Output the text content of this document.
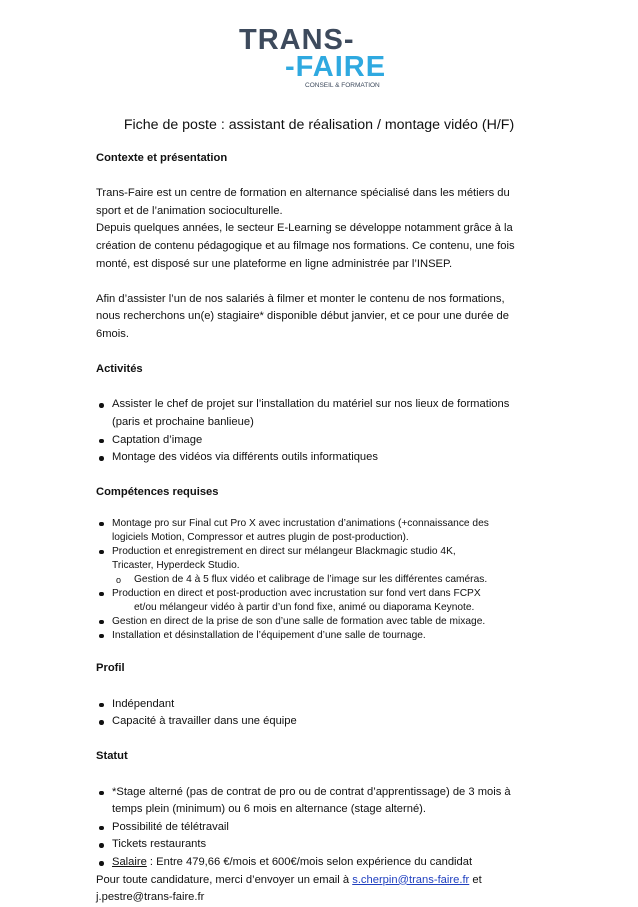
TRANS-
-FAIRE
CONSEIL & FORMATION
Fiche de poste : assistant de réalisation / montage vidéo (H/F)

Contexte et présentation

Trans-Faire est un centre de formation en alternance spécialisé dans les métiers du

sport et de l’animation socioculturelle.

Depuis quelques années, le secteur E-Learning se développe notamment grâce à la

création de contenu pédagogique et au filmage nos formations. Ce contenu, une fois

monté, est disposé sur une plateforme en ligne administrée par l’INSEP.

Afin d’assister l’un de nos salariés à filmer et monter le contenu de nos formations,

nous recherchons un(e) stagiaire* disponible début janvier, et ce pour une durée de

6mois.

Activités

Assister le chef de projet sur l’installation du matériel sur nos lieux de formations
(paris et prochaine banlieue)
Captation d’image
Montage des vidéos via différents outils informatiques

Compétences requises

Montage pro sur Final cut Pro X avec incrustation d’animations (+connaissance des
logiciels Motion, Compressor et autres plugin de post-production).
Production et enregistrement en direct sur mélangeur Blackmagic studio 4K,
Tricaster, Hyperdeck Studio.
o Gestion de 4 à 5 flux vidéo et calibrage de l’image sur les différentes caméras.
Production en direct et post-production avec incrustation sur fond vert dans FCPX
et/ou mélangeur vidéo à partir d’un fond fixe, animé ou diaporama Keynote.
Gestion en direct de la prise de son d’une salle de formation avec table de mixage.
Installation et désinstallation de l’équipement d’une salle de tournage.

Profil

Indépendant
Capacité à travailler dans une équipe

Statut

*Stage alterné (pas de contrat de pro ou de contrat d’apprentissage) de 3 mois à
temps plein (minimum) ou 6 mois en alternance (stage alterné).
Possibilité de télétravail
Tickets restaurants
Salaire : Entre 479,66 €/mois et 600€/mois selon expérience du candidat

Pour toute candidature, merci d’envoyer un email à s.cherpin@trans-faire.fr et

j.pestre@trans-faire.fr
